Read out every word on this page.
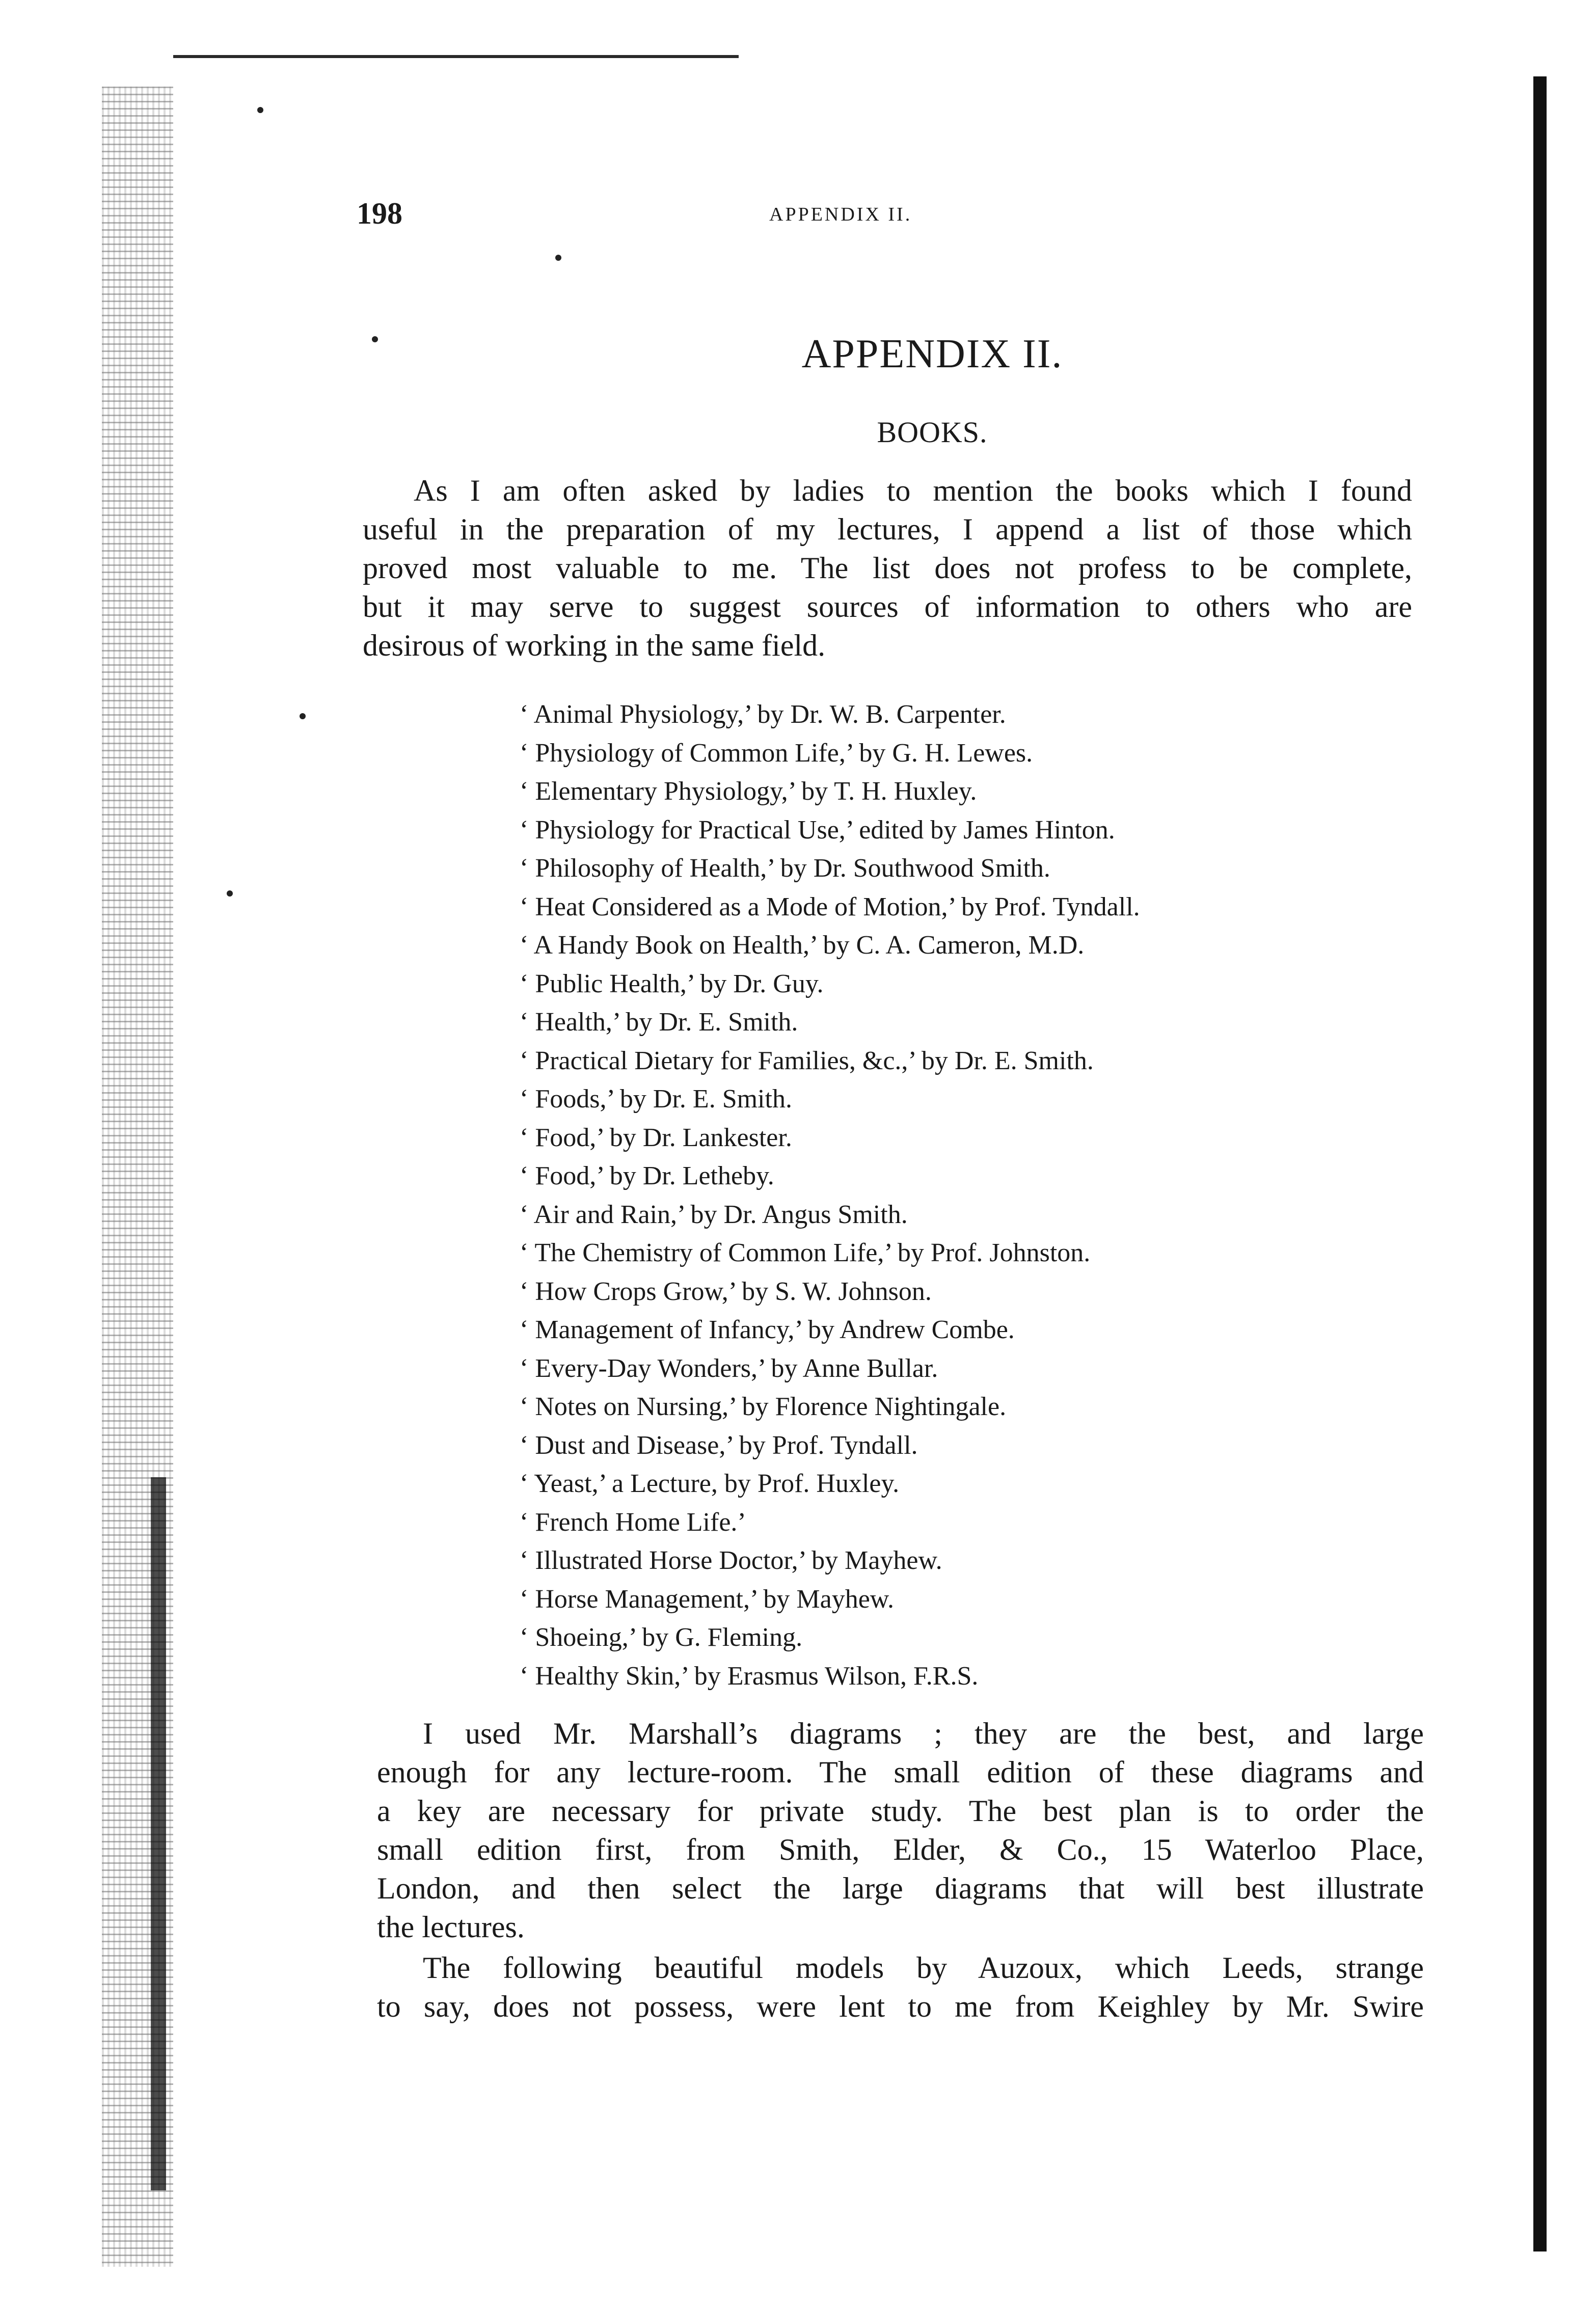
198	APPENDIX II.
APPENDIX II.
BOOKS.
As I am often asked by ladies to mention the books which I found
useful in the preparation of my lectures, I append a list of those which
proved most valuable to me. The list does not profess to be complete,
but it may serve to suggest sources of information to others who are
desirous of working in the same field.
‘ Animal Physiology,’ by Dr. W. B. Carpenter.
‘ Physiology of Common Life,’ by G. H. Lewes.
‘ Elementary Physiology,’ by T. H. Huxley.
‘ Physiology for Practical Use,’ edited by James Hinton.
‘ Philosophy of Health,’ by Dr. Southwood Smith.
‘ Heat Considered as a Mode of Motion,’ by Prof. Tyndall.
‘ A Handy Book on Health,’ by C. A. Cameron, M.D.
‘ Public Health,’ by Dr. Guy.
‘ Health,’ by Dr. E. Smith.
‘ Practical Dietary for Families, &c.,’ by Dr. E. Smith.
‘ Foods,’ by Dr. E. Smith.
‘ Food,’ by Dr. Lankester.
‘ Food,’ by Dr. Letheby.
‘ Air and Rain,’ by Dr. Angus Smith.
‘ The Chemistry of Common Life,’ by Prof. Johnston.
‘ How Crops Grow,’ by S. W. Johnson.
‘ Management of Infancy,’ by Andrew Combe.
‘ Every-Day Wonders,’ by Anne Bullar.
‘ Notes on Nursing,’ by Florence Nightingale.
‘ Dust and Disease,’ by Prof. Tyndall.
‘ Yeast,’ a Lecture, by Prof. Huxley.
‘ French Home Life.’
‘ Illustrated Horse Doctor,’ by Mayhew.
‘ Horse Management,’ by Mayhew.
‘ Shoeing,’ by G. Fleming.
‘ Healthy Skin,’ by Erasmus Wilson, F.R.S.
I used Mr. Marshall’s diagrams ; they are the best, and large
enough for any lecture-room. The small edition of these diagrams and
a key are necessary for private study. The best plan is to order the
small edition first, from Smith, Elder, & Co., 15 Waterloo Place,
London, and then select the large diagrams that will best illustrate
the lectures.
The following beautiful models by Auzoux, which Leeds, strange
to say, does not possess, were lent to me from Keighley by Mr. Swire
